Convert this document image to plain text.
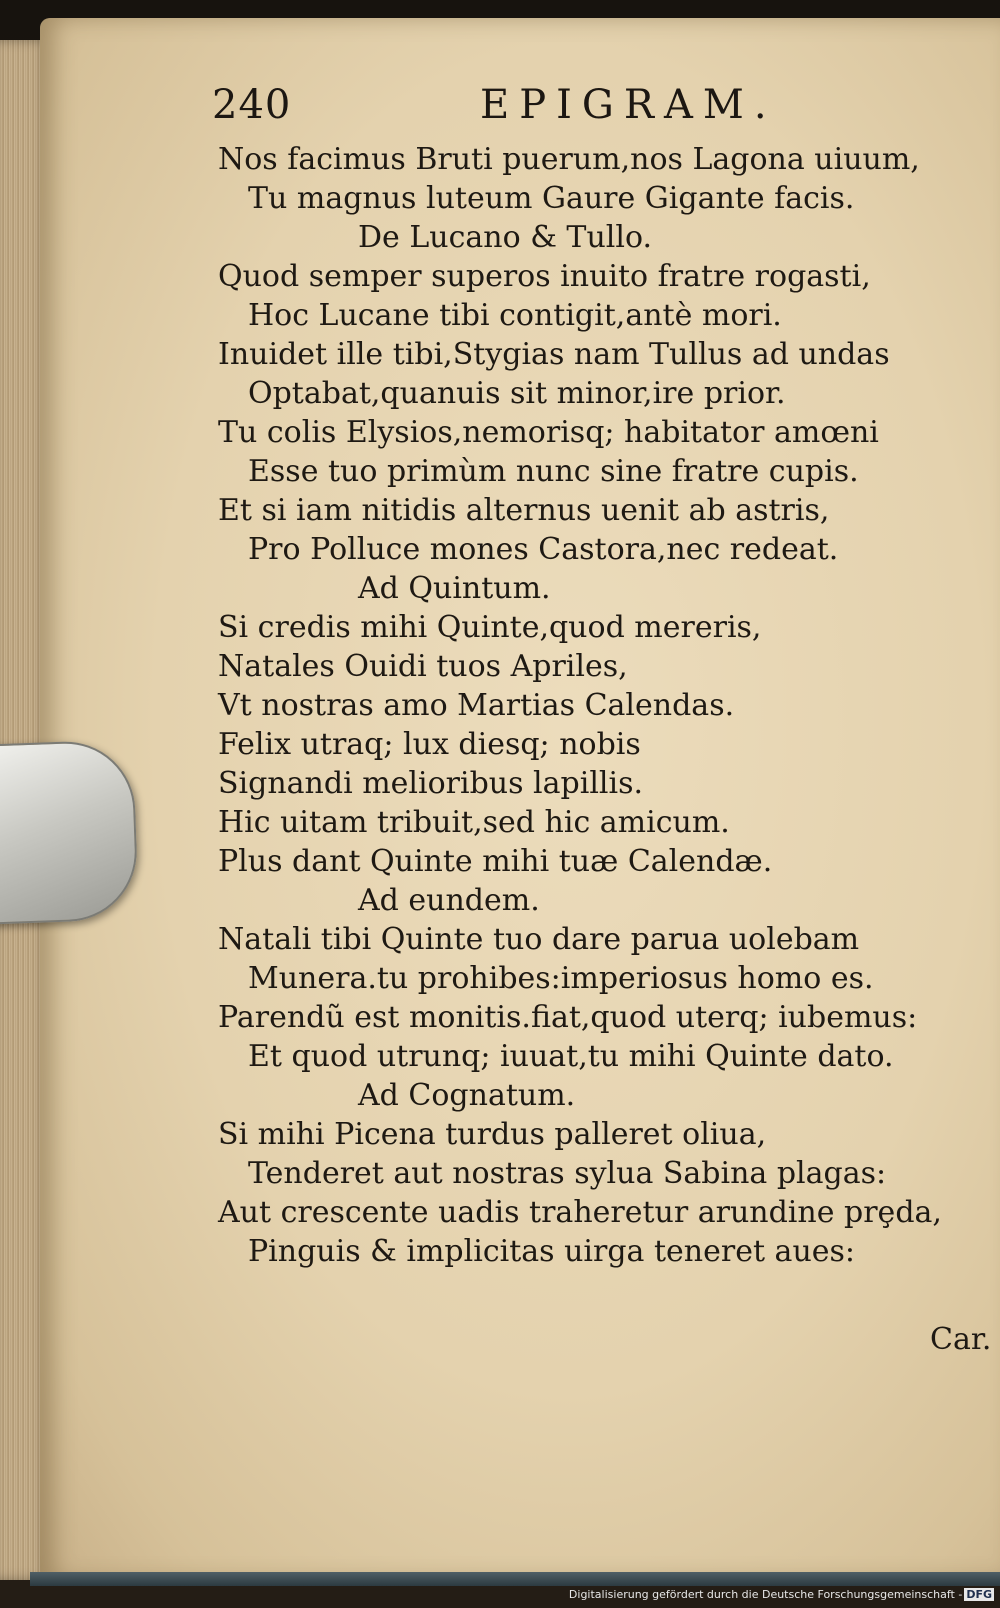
240	EPIGRAM.
Nos facimus Bruti puerum,nos Lagona uiuum,
Tu magnus luteum Gaure Gigante facis.
De Lucano & Tullo.
Quod semper superos inuito fratre rogasti,
Hoc Lucane tibi contigit,antè mori.
Inuidet ille tibi,Stygias nam Tullus ad undas
Optabat,quanuis sit minor,ire prior.
Tu colis Elysios,nemorisq; habitator amœni
Esse tuo primùm nunc sine fratre cupis.
Et si iam nitidis alternus uenit ab astris,
Pro Polluce mones Castora,nec redeat.
Ad Quintum.
Si credis mihi Quinte,quod mereris,
Natales Ouidi tuos Apriles,
Vt nostras amo Martias Calendas.
Felix utraq; lux diesq; nobis
Signandi melioribus lapillis.
Hic uitam tribuit,sed hic amicum.
Plus dant Quinte mihi tuæ Calendæ.
Ad eundem.
Natali tibi Quinte tuo dare parua uolebam
Munera.tu prohibes:imperiosus homo es.
Parendũ est monitis.fiat,quod uterq; iubemus:
Et quod utrunq; iuuat,tu mihi Quinte dato.
Ad Cognatum.
Si mihi Picena turdus palleret oliua,
Tenderet aut nostras sylua Sabina plagas:
Aut crescente uadis traheretur arundine prȩda,
Pinguis & implicitas uirga teneret aues:
Car.
Digitalisierung gefördert durch die Deutsche Forschungsgemeinschaft - DFG
